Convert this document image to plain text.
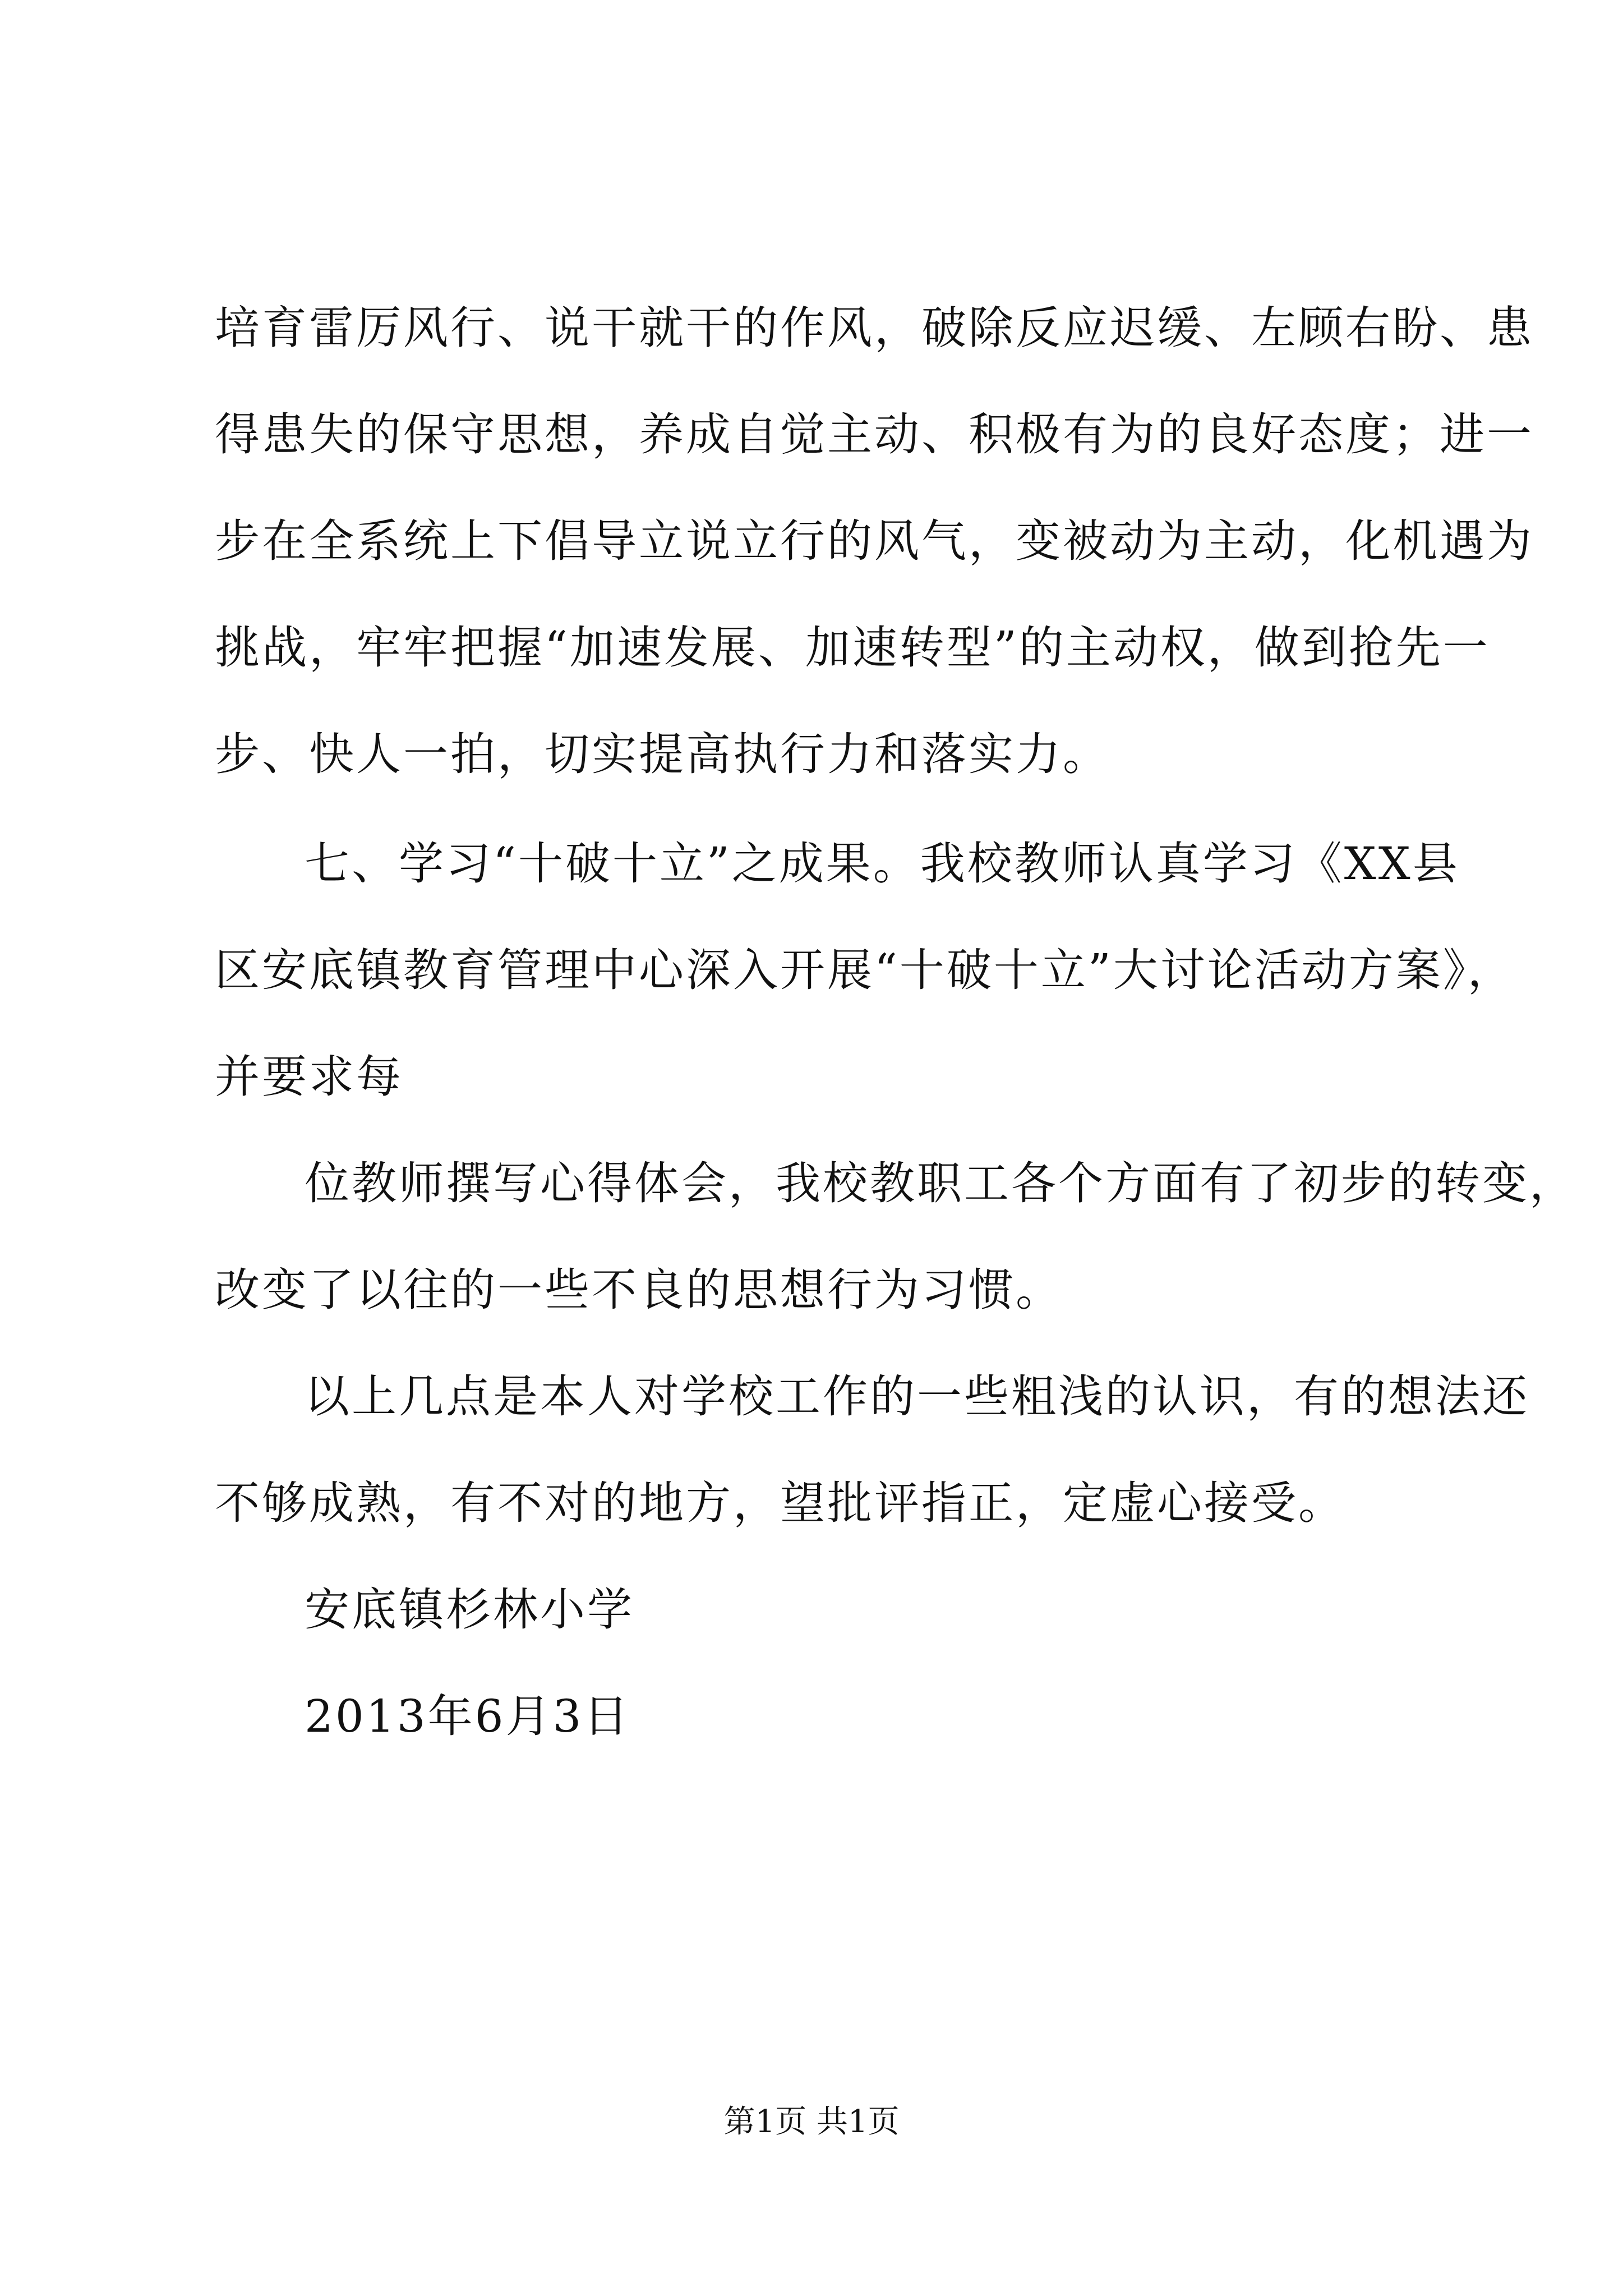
培育雷厉风行、说干就干的作风，破除反应迟缓、左顾右盼、患
得患失的保守思想，养成自觉主动、积极有为的良好态度；进一
步在全系统上下倡导立说立行的风气，变被动为主动，化机遇为
挑战，牢牢把握“加速发展、加速转型”的主动权，做到抢先一
步、快人一拍，切实提高执行力和落实力。
七、学习“十破十立”之成果。我校教师认真学习《XX县
区安底镇教育管理中心深入开展“十破十立”大讨论活动方案》，
并要求每
位教师撰写心得体会，我校教职工各个方面有了初步的转变，
改变了以往的一些不良的思想行为习惯。
以上几点是本人对学校工作的一些粗浅的认识，有的想法还
不够成熟，有不对的地方，望批评指正，定虚心接受。
安底镇杉林小学
2013年6月3日
第1页 共1页
